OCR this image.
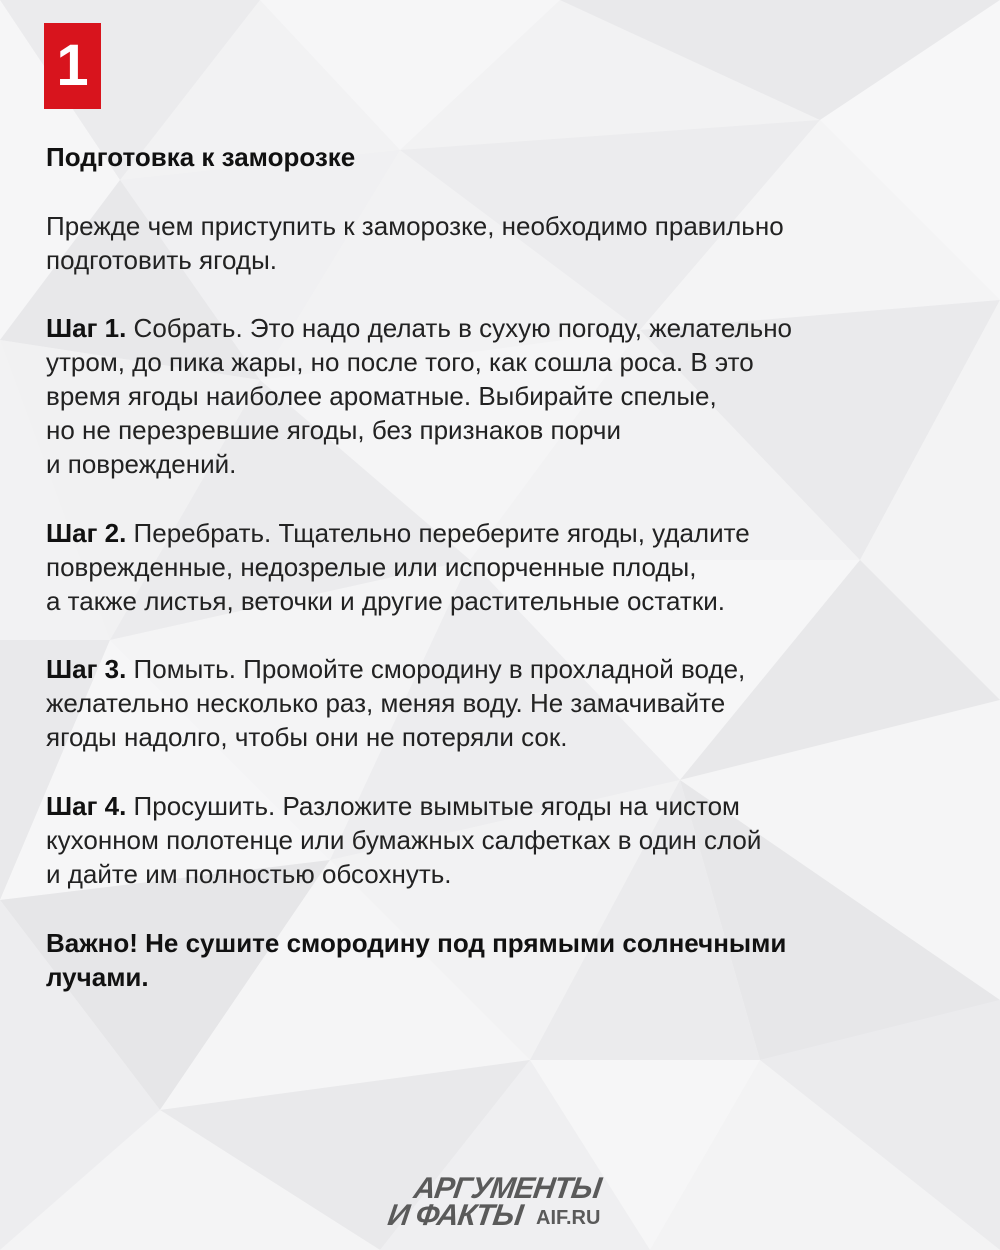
1
Подготовка к заморозке
Прежде чем приступить к заморозке, необходимо правильно
подготовить ягоды.
Шаг 1. Собрать. Это надо делать в сухую погоду, желательно
утром, до пика жары, но после того, как сошла роса. В это
время ягоды наиболее ароматные. Выбирайте спелые,
но не перезревшие ягоды, без признаков порчи
и повреждений.
Шаг 2. Перебрать. Тщательно переберите ягоды, удалите
поврежденные, недозрелые или испорченные плоды,
а также листья, веточки и другие растительные остатки.
Шаг 3. Помыть. Промойте смородину в прохладной воде,
желательно несколько раз, меняя воду. Не замачивайте
ягоды надолго, чтобы они не потеряли сок.
Шаг 4. Просушить. Разложите вымытые ягоды на чистом
кухонном полотенце или бумажных салфетках в один слой
и дайте им полностью обсохнуть.
Важно! Не сушите смородину под прямыми солнечными
лучами.
АРГУМЕНТЫ
И ФАКТЫ AIF.RU
